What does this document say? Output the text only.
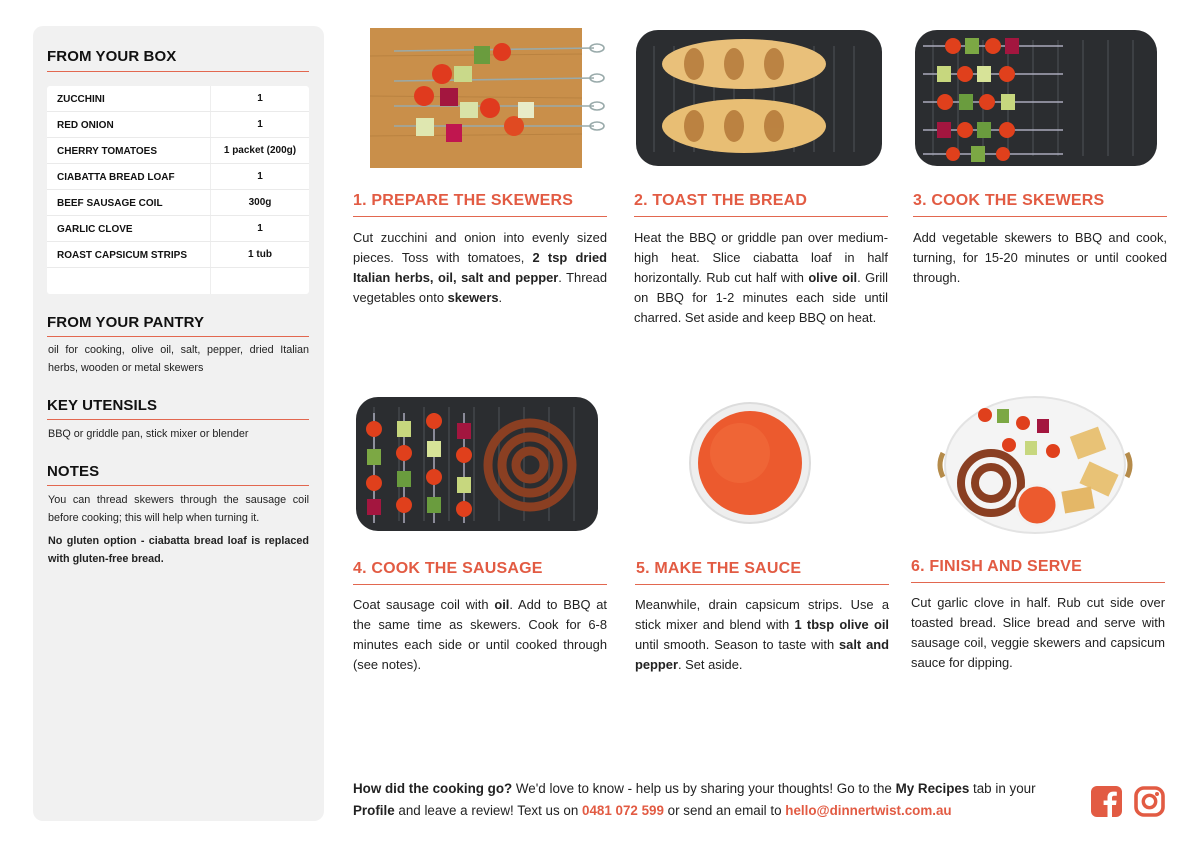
FROM YOUR BOX
ZUCCHINI	1
RED ONION	1
CHERRY TOMATOES	1 packet (200g)
CIABATTA BREAD LOAF	1
BEEF SAUSAGE COIL	300g
GARLIC CLOVE	1
ROAST CAPSICUM STRIPS	1 tub
FROM YOUR PANTRY
oil for cooking, olive oil, salt, pepper, dried Italian herbs, wooden or metal skewers
KEY UTENSILS
BBQ or griddle pan, stick mixer or blender
NOTES
You can thread skewers through the sausage coil before cooking; this will help when turning it.
No gluten option - ciabatta bread loaf is replaced with gluten-free bread.
1. PREPARE THE SKEWERS
Cut zucchini and onion into evenly sized pieces. Toss with tomatoes, 2 tsp dried Italian herbs, oil, salt and pepper. Thread vegetables onto skewers.
2. TOAST THE BREAD
Heat the BBQ or griddle pan over medium-high heat. Slice ciabatta loaf in half horizontally. Rub cut half with olive oil. Grill on BBQ for 1-2 minutes each side until charred. Set aside and keep BBQ on heat.
3. COOK THE SKEWERS
Add vegetable skewers to BBQ and cook, turning, for 15-20 minutes or until cooked through.
4. COOK THE SAUSAGE
Coat sausage coil with oil. Add to BBQ at the same time as skewers. Cook for 6-8 minutes each side or until cooked through (see notes).
5. MAKE THE SAUCE
Meanwhile, drain capsicum strips. Use a stick mixer and blend with 1 tbsp olive oil until smooth. Season to taste with salt and pepper. Set aside.
6. FINISH AND SERVE
Cut garlic clove in half. Rub cut side over toasted bread. Slice bread and serve with sausage coil, veggie skewers and capsicum sauce for dipping.
How did the cooking go? We'd love to know - help us by sharing your thoughts! Go to the My Recipes tab in your Profile and leave a review! Text us on 0481 072 599 or send an email to hello@dinnertwist.com.au
